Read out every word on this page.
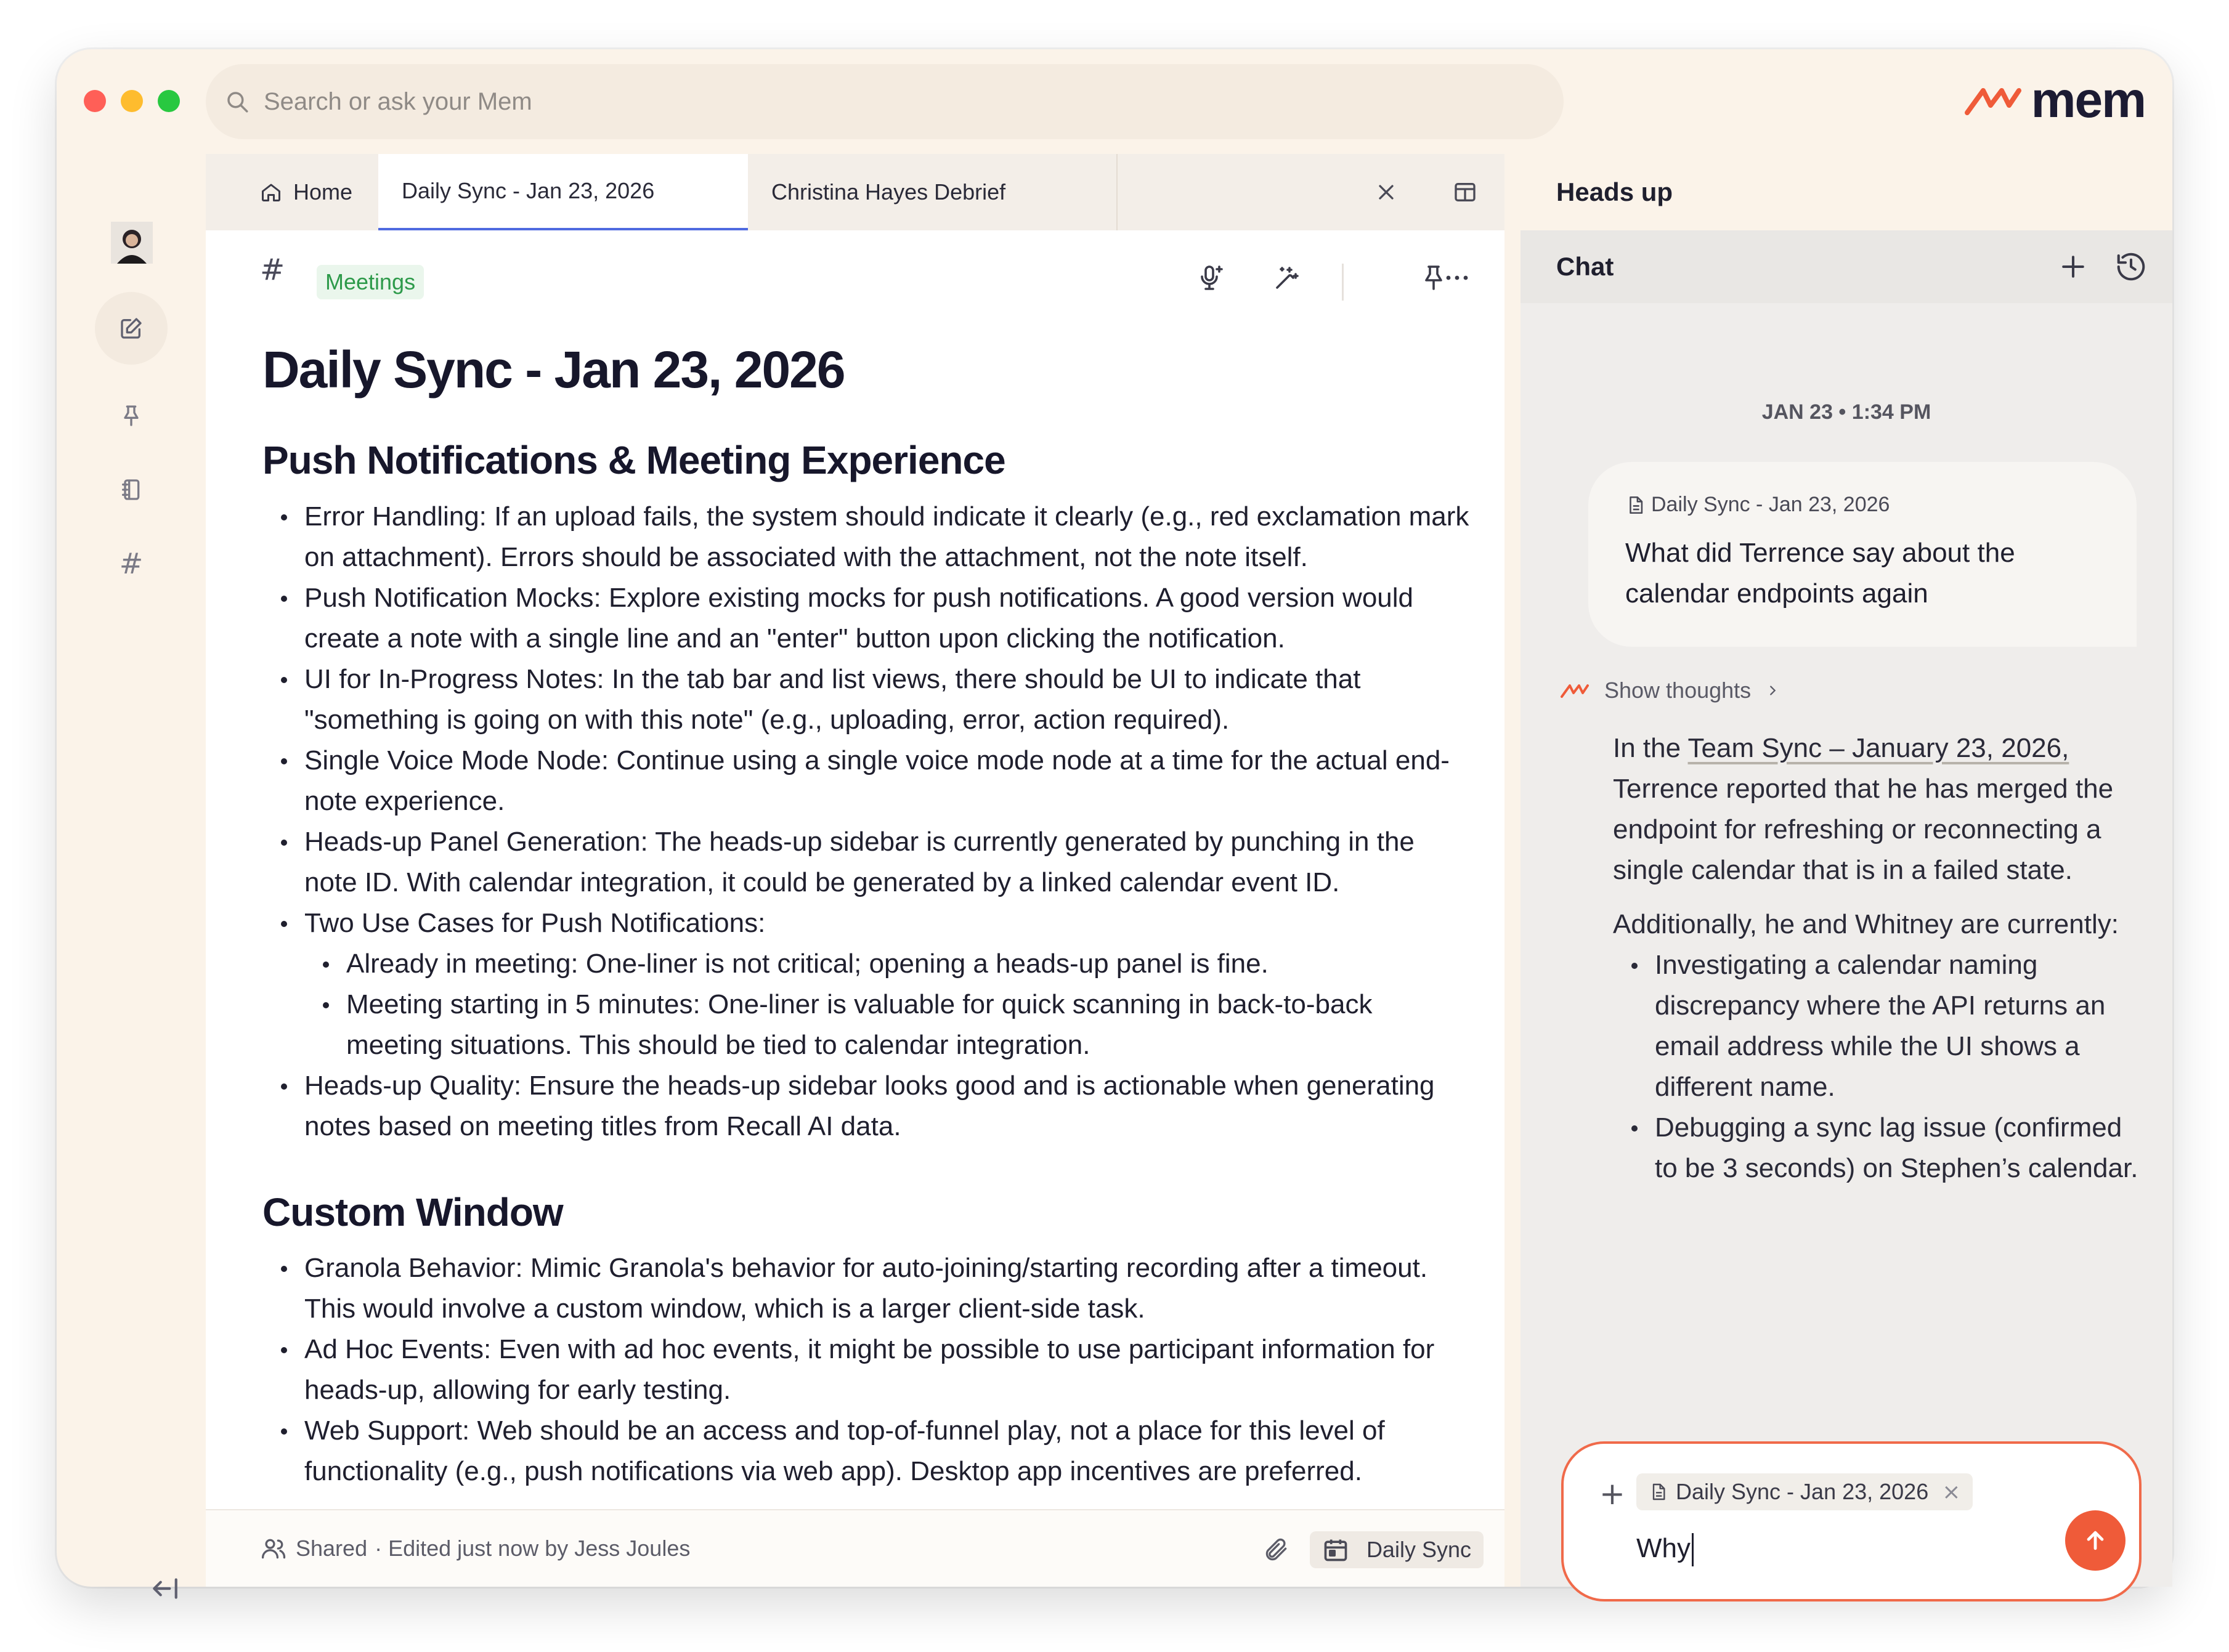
Search or ask your Mem	mem
#
Home Daily Sync - Jan 23, 2026	Christina Hayes Debrief
#	Meetings
Daily Sync - Jan 23, 2026
Push Notifications & Meeting Experience
Error Handling: If an upload fails, the system should indicate it clearly (e.g., red exclamation mark on attachment). Errors should be associated with the attachment, not the note itself.
Push Notification Mocks: Explore existing mocks for push notifications. A good version would create a note with a single line and an "enter" button upon clicking the notification.
UI for In-Progress Notes: In the tab bar and list views, there should be UI to indicate that "something is going on with this note" (e.g., uploading, error, action required).
Single Voice Mode Node: Continue using a single voice mode node at a time for the actual end-note experience.
Heads-up Panel Generation: The heads-up sidebar is currently generated by punching in the note ID. With calendar integration, it could be generated by a linked calendar event ID.
Two Use Cases for Push Notifications:
Already in meeting: One-liner is not critical; opening a heads-up panel is fine.
Meeting starting in 5 minutes: One-liner is valuable for quick scanning in back-to-back meeting situations. This should be tied to calendar integration.
Heads-up Quality: Ensure the heads-up sidebar looks good and is actionable when generating notes based on meeting titles from Recall AI data.
Custom Window
Granola Behavior: Mimic Granola's behavior for auto-joining/starting recording after a timeout. This would involve a custom window, which is a larger client-side task.
Ad Hoc Events: Even with ad hoc events, it might be possible to use participant information for heads-up, allowing for early testing.
Web Support: Web should be an access and top-of-funnel play, not a place for this level of functionality (e.g., push notifications via web app). Desktop app incentives are preferred.
Shared · Edited just now by Jess Joules	Daily Sync
Heads up
Chat
JAN 23 • 1:34 PM
Daily Sync - Jan 23, 2026
What did Terrence say about the calendar endpoints again
Show thoughts

In the Team Sync – January 23, 2026, Terrence reported that he has merged the endpoint for refreshing or reconnecting a single calendar that is in a failed state.

Additionally, he and Whitney are currently:

Investigating a calendar naming discrepancy where the API returns an email address while the UI shows a different name.
Debugging a sync lag issue (confirmed to be 3 seconds) on Stephen’s calendar.
+ Daily Sync - Jan 23, 2026 ×
Why
